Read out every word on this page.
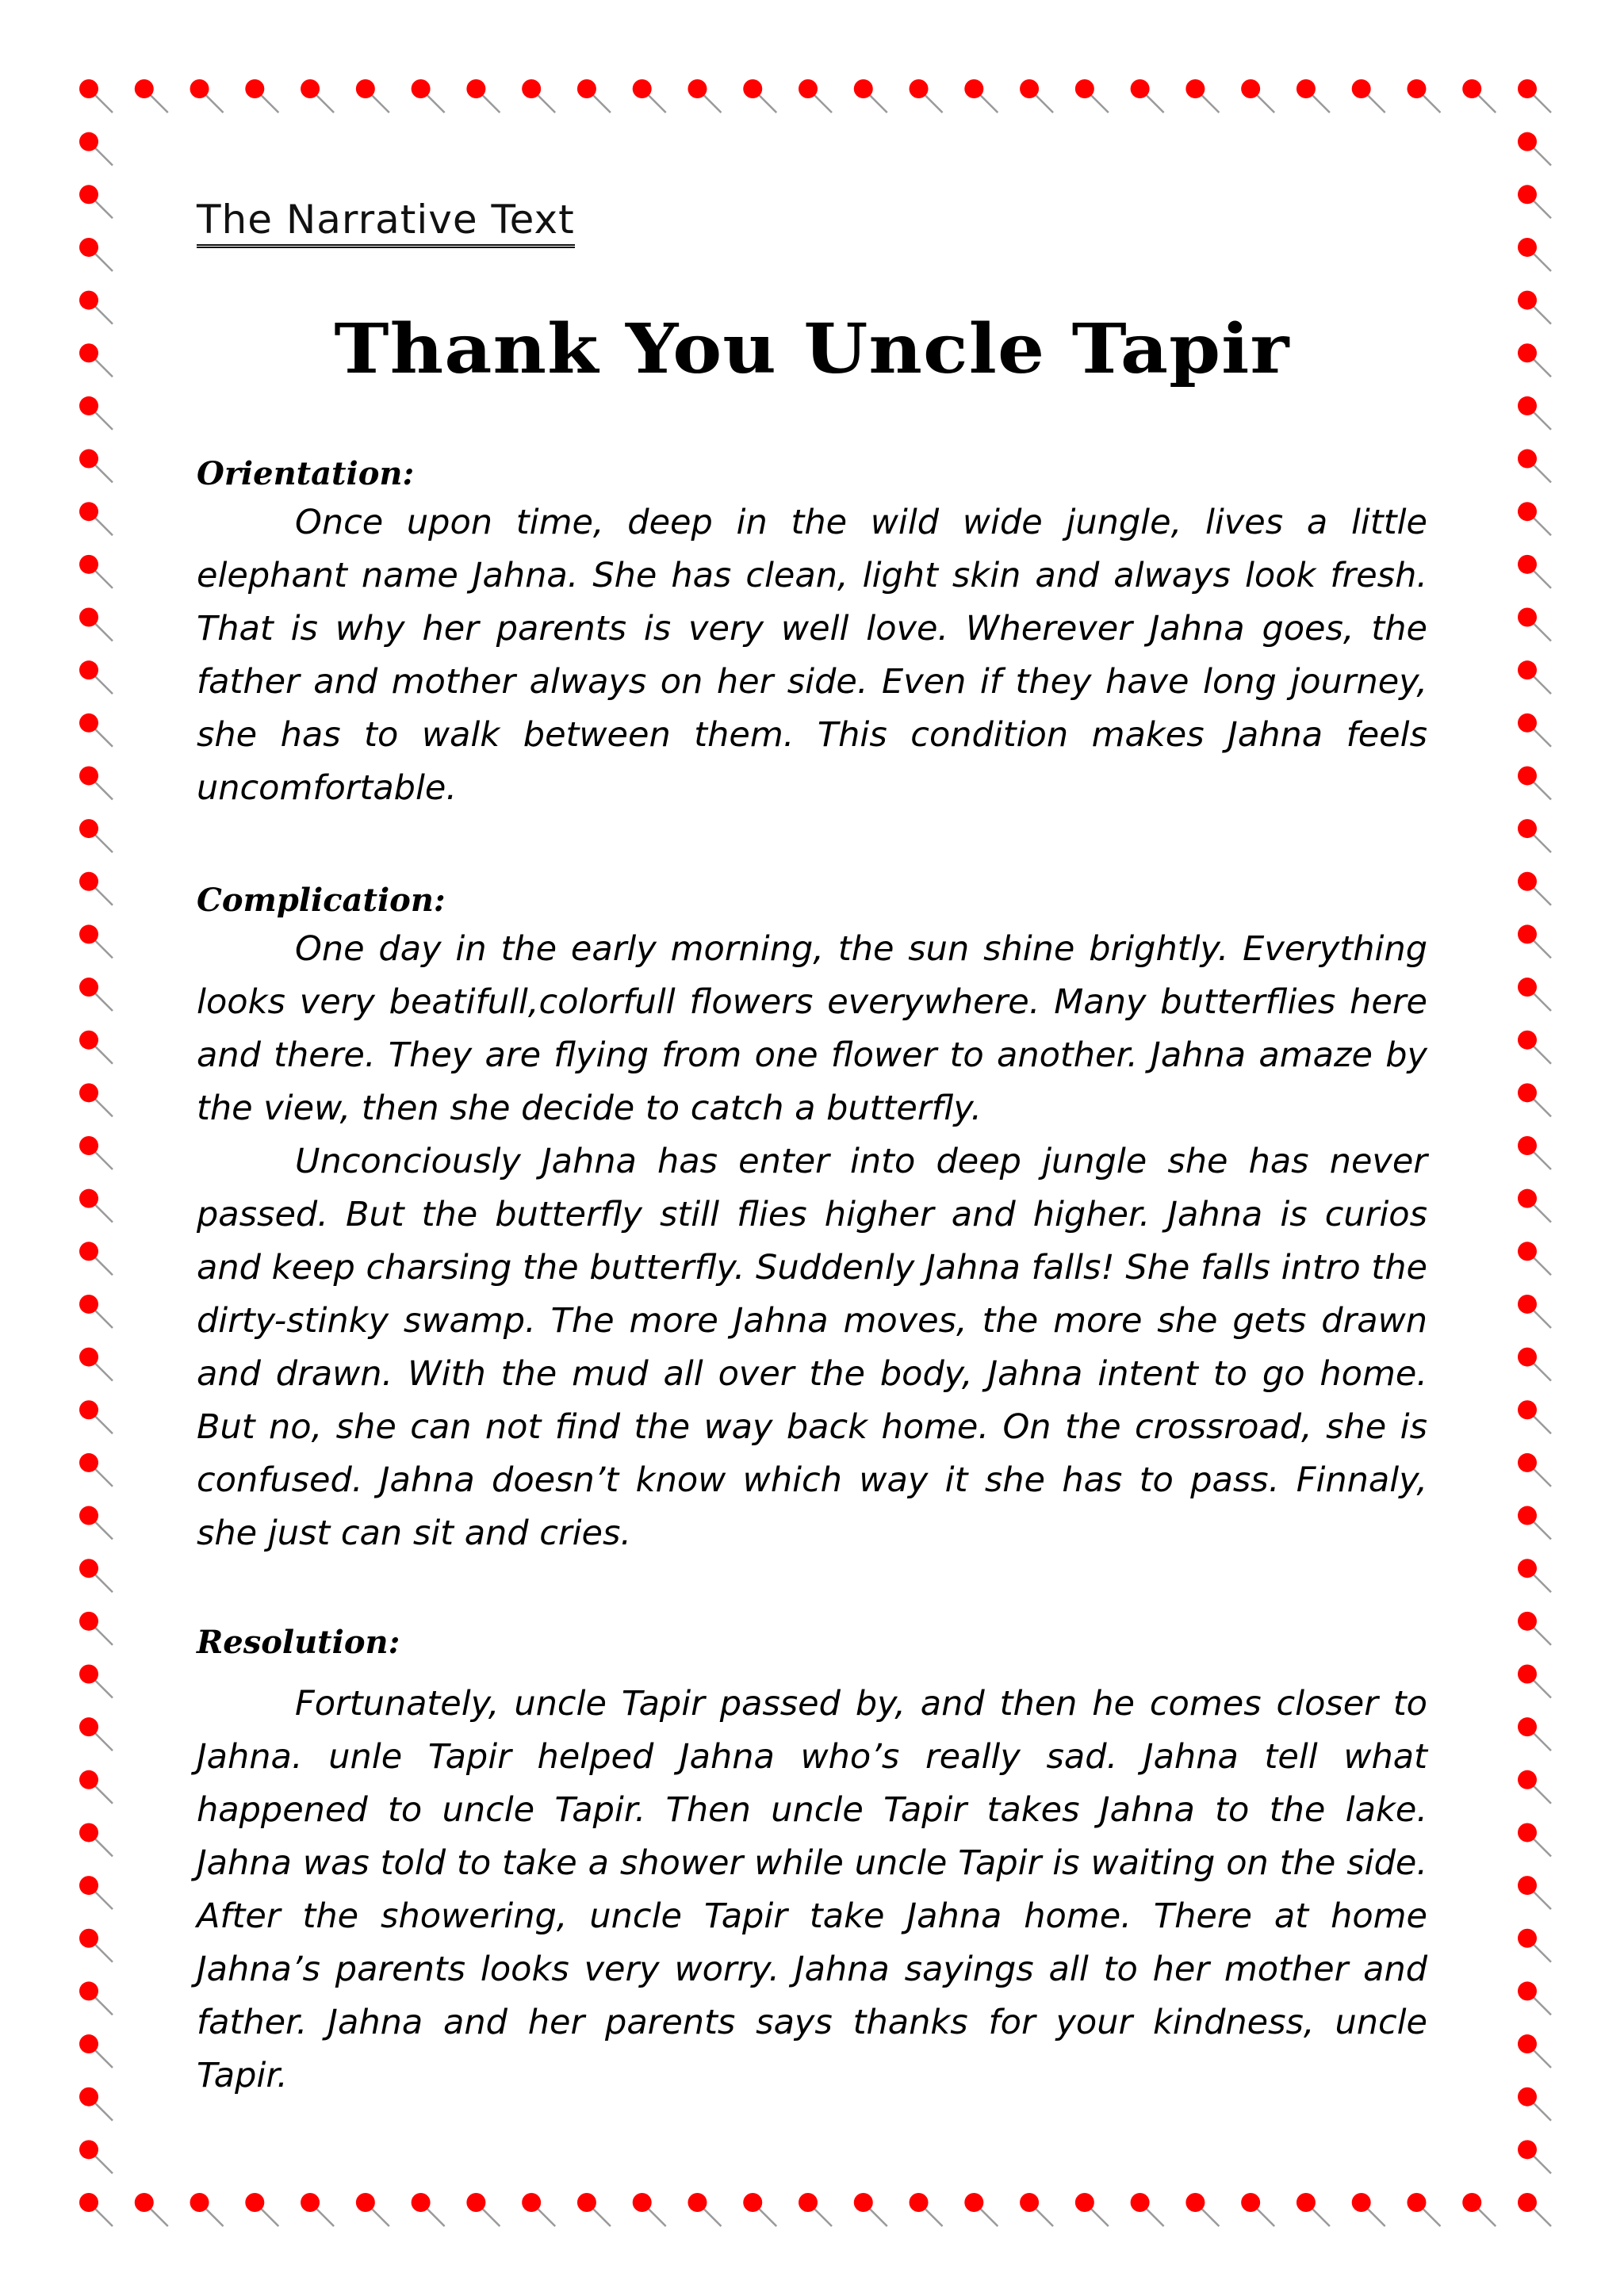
The Narrative Text
Thank You Uncle Tapir
Orientation:

Once upon time, deep in the wild wide jungle, lives a little elephant name Jahna. She has clean, light skin and always look fresh. That is why her parents is very well love. Wherever Jahna goes, the father and mother always on her side. Even if they have long journey, she has to walk between them. This condition makes Jahna feels uncomfortable.

Complication:

One day in the early morning, the sun shine brightly. Everything looks very beatifull,colorfull flowers everywhere. Many butterflies here and there. They are flying from one flower to another. Jahna amaze by the view, then she decide to catch a butterfly.

Unconciously Jahna has enter into deep jungle she has never passed. But the butterfly still flies higher and higher. Jahna is curios and keep charsing the butterfly. Suddenly Jahna falls! She falls intro the dirty-stinky swamp. The more Jahna moves, the more she gets drawn and drawn. With the mud all over the body, Jahna intent to go home. But no, she can not find the way back home. On the crossroad, she is confused. Jahna doesn’t know which way it she has to pass. Finnaly, she just can sit and cries.

Resolution:

Fortunately, uncle Tapir passed by, and then he comes closer to Jahna. unle Tapir helped Jahna who’s really sad. Jahna tell what happened to uncle Tapir. Then uncle Tapir takes Jahna to the lake. Jahna was told to take a shower while uncle Tapir is waiting on the side. After the showering, uncle Tapir take Jahna home. There at home Jahna’s parents looks very worry. Jahna sayings all to her mother and father. Jahna and her parents says thanks for your kindness, uncle Tapir.
